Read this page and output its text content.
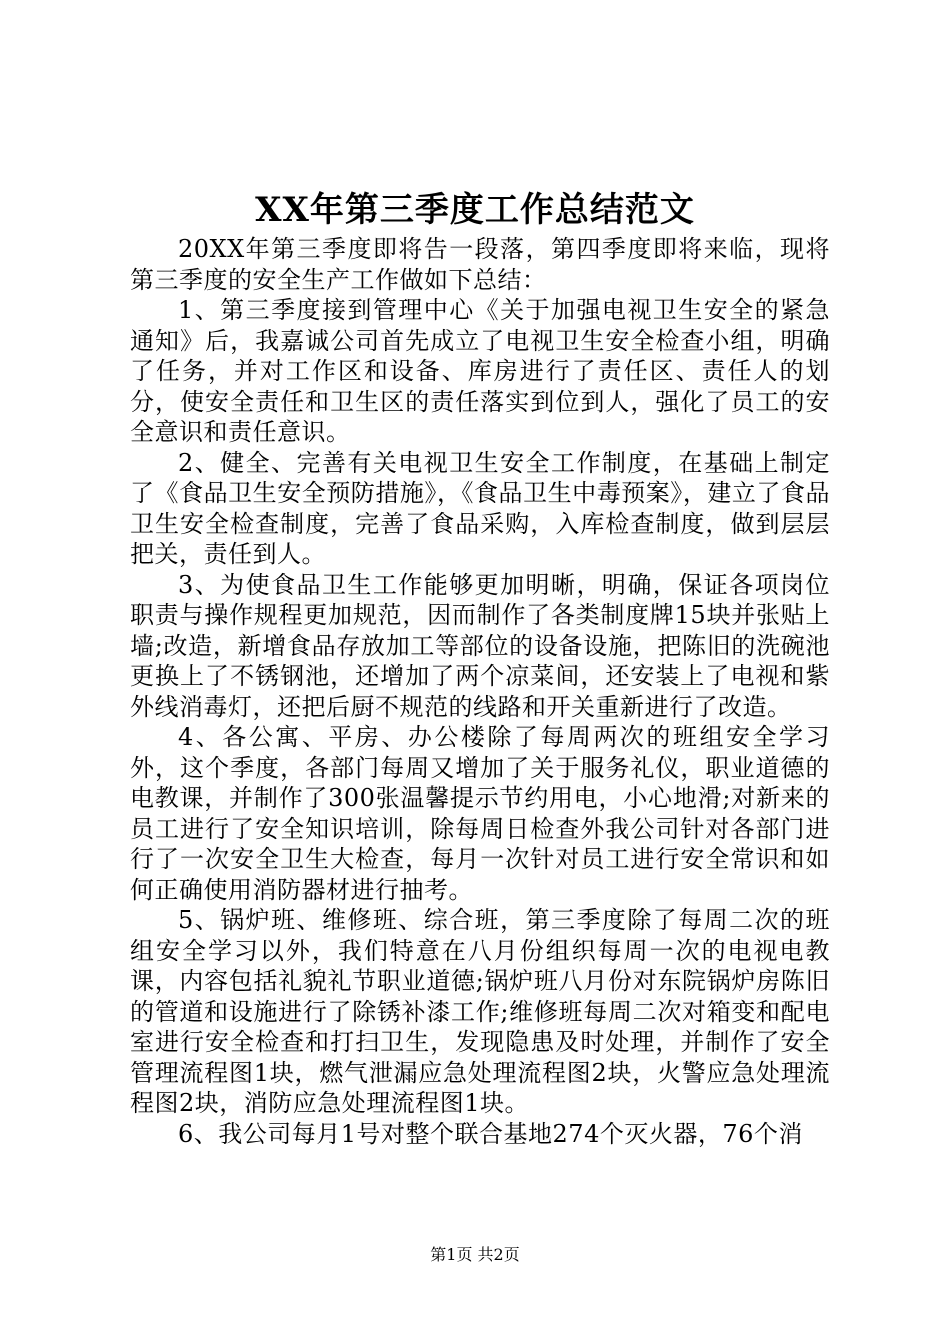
XX年第三季度工作总结范文

20XX年第三季度即将告一段落，第四季度即将来临，现将第三季度的安全生产工作做如下总结：

1、第三季度接到管理中心《关于加强电视卫生安全的紧急通知》后，我嘉诚公司首先成立了电视卫生安全检查小组，明确了任务，并对工作区和设备、库房进行了责任区、责任人的划分，使安全责任和卫生区的责任落实到位到人，强化了员工的安全意识和责任意识。

2、健全、完善有关电视卫生安全工作制度，在基础上制定了《食品卫生安全预防措施》，《食品卫生中毒预案》，建立了食品卫生安全检查制度，完善了食品采购，入库检查制度，做到层层把关，责任到人。

3、为使食品卫生工作能够更加明晰，明确，保证各项岗位职责与操作规程更加规范，因而制作了各类制度牌15块并张贴上墙;改造，新增食品存放加工等部位的设备设施，把陈旧的洗碗池更换上了不锈钢池，还增加了两个凉菜间，还安装上了电视和紫外线消毒灯，还把后厨不规范的线路和开关重新进行了改造。

4、各公寓、平房、办公楼除了每周两次的班组安全学习外，这个季度，各部门每周又增加了关于服务礼仪，职业道德的电教课，并制作了300张温馨提示节约用电，小心地滑;对新来的员工进行了安全知识培训，除每周日检查外我公司针对各部门进行了一次安全卫生大检查，每月一次针对员工进行安全常识和如何正确使用消防器材进行抽考。

5、锅炉班、维修班、综合班，第三季度除了每周二次的班组安全学习以外，我们特意在八月份组织每周一次的电视电教课，内容包括礼貌礼节职业道德;锅炉班八月份对东院锅炉房陈旧的管道和设施进行了除锈补漆工作;维修班每周二次对箱变和配电室进行安全检查和打扫卫生，发现隐患及时处理，并制作了安全管理流程图1块，燃气泄漏应急处理流程图2块，火警应急处理流程图2块，消防应急处理流程图1块。

6、我公司每月1号对整个联合基地274个灭火器，76个消

第1页 共2页
